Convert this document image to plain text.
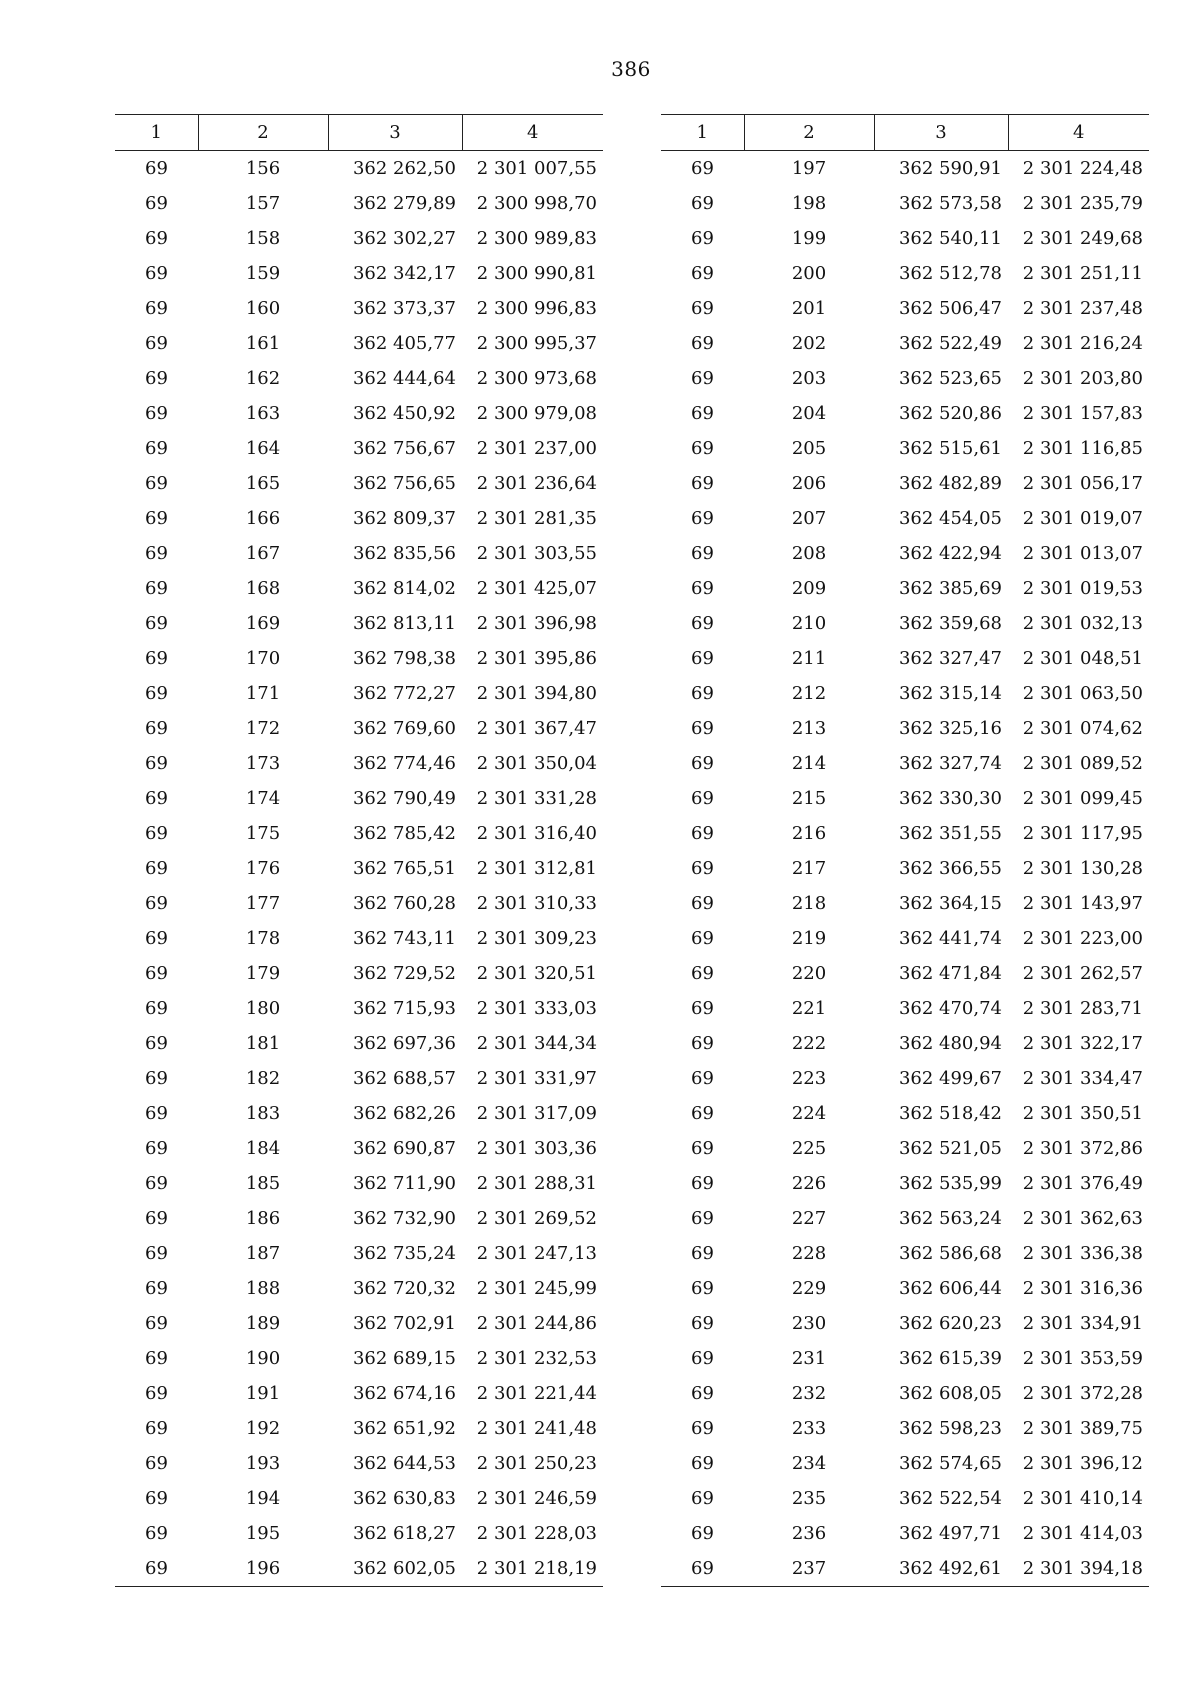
386
1	2	3	4
69	156	362 262,50	2 301 007,55
69	157	362 279,89	2 300 998,70
69	158	362 302,27	2 300 989,83
69	159	362 342,17	2 300 990,81
69	160	362 373,37	2 300 996,83
69	161	362 405,77	2 300 995,37
69	162	362 444,64	2 300 973,68
69	163	362 450,92	2 300 979,08
69	164	362 756,67	2 301 237,00
69	165	362 756,65	2 301 236,64
69	166	362 809,37	2 301 281,35
69	167	362 835,56	2 301 303,55
69	168	362 814,02	2 301 425,07
69	169	362 813,11	2 301 396,98
69	170	362 798,38	2 301 395,86
69	171	362 772,27	2 301 394,80
69	172	362 769,60	2 301 367,47
69	173	362 774,46	2 301 350,04
69	174	362 790,49	2 301 331,28
69	175	362 785,42	2 301 316,40
69	176	362 765,51	2 301 312,81
69	177	362 760,28	2 301 310,33
69	178	362 743,11	2 301 309,23
69	179	362 729,52	2 301 320,51
69	180	362 715,93	2 301 333,03
69	181	362 697,36	2 301 344,34
69	182	362 688,57	2 301 331,97
69	183	362 682,26	2 301 317,09
69	184	362 690,87	2 301 303,36
69	185	362 711,90	2 301 288,31
69	186	362 732,90	2 301 269,52
69	187	362 735,24	2 301 247,13
69	188	362 720,32	2 301 245,99
69	189	362 702,91	2 301 244,86
69	190	362 689,15	2 301 232,53
69	191	362 674,16	2 301 221,44
69	192	362 651,92	2 301 241,48
69	193	362 644,53	2 301 250,23
69	194	362 630,83	2 301 246,59
69	195	362 618,27	2 301 228,03
69	196	362 602,05	2 301 218,19
1	2	3	4
69	197	362 590,91	2 301 224,48
69	198	362 573,58	2 301 235,79
69	199	362 540,11	2 301 249,68
69	200	362 512,78	2 301 251,11
69	201	362 506,47	2 301 237,48
69	202	362 522,49	2 301 216,24
69	203	362 523,65	2 301 203,80
69	204	362 520,86	2 301 157,83
69	205	362 515,61	2 301 116,85
69	206	362 482,89	2 301 056,17
69	207	362 454,05	2 301 019,07
69	208	362 422,94	2 301 013,07
69	209	362 385,69	2 301 019,53
69	210	362 359,68	2 301 032,13
69	211	362 327,47	2 301 048,51
69	212	362 315,14	2 301 063,50
69	213	362 325,16	2 301 074,62
69	214	362 327,74	2 301 089,52
69	215	362 330,30	2 301 099,45
69	216	362 351,55	2 301 117,95
69	217	362 366,55	2 301 130,28
69	218	362 364,15	2 301 143,97
69	219	362 441,74	2 301 223,00
69	220	362 471,84	2 301 262,57
69	221	362 470,74	2 301 283,71
69	222	362 480,94	2 301 322,17
69	223	362 499,67	2 301 334,47
69	224	362 518,42	2 301 350,51
69	225	362 521,05	2 301 372,86
69	226	362 535,99	2 301 376,49
69	227	362 563,24	2 301 362,63
69	228	362 586,68	2 301 336,38
69	229	362 606,44	2 301 316,36
69	230	362 620,23	2 301 334,91
69	231	362 615,39	2 301 353,59
69	232	362 608,05	2 301 372,28
69	233	362 598,23	2 301 389,75
69	234	362 574,65	2 301 396,12
69	235	362 522,54	2 301 410,14
69	236	362 497,71	2 301 414,03
69	237	362 492,61	2 301 394,18
